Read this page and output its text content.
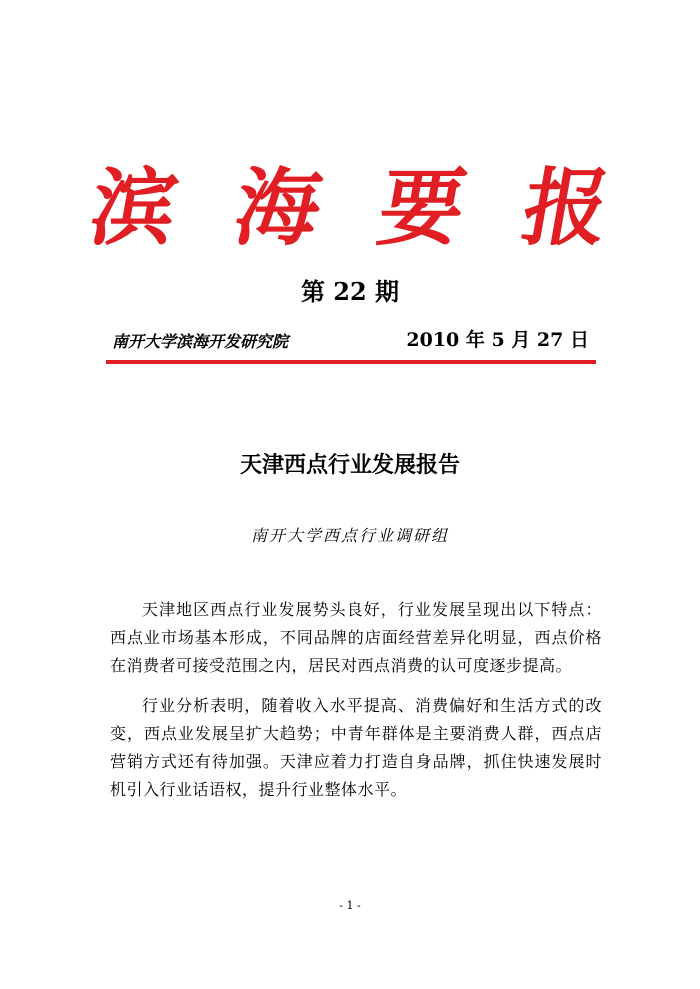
滨 海 要 报
第 22 期
南开大学滨海开发研究院	2010 年 5 月 27 日
天津西点行业发展报告
南开大学西点行业调研组

天津地区西点行业发展势头良好，行业发展呈现出以下特点：西点业市场基本形成，不同品牌的店面经营差异化明显，西点价格在消费者可接受范围之内，居民对西点消费的认可度逐步提高。

行业分析表明，随着收入水平提高、消费偏好和生活方式的改变，西点业发展呈扩大趋势；中青年群体是主要消费人群，西点店营销方式还有待加强。天津应着力打造自身品牌，抓住快速发展时机引入行业话语权，提升行业整体水平。

- 1 -
